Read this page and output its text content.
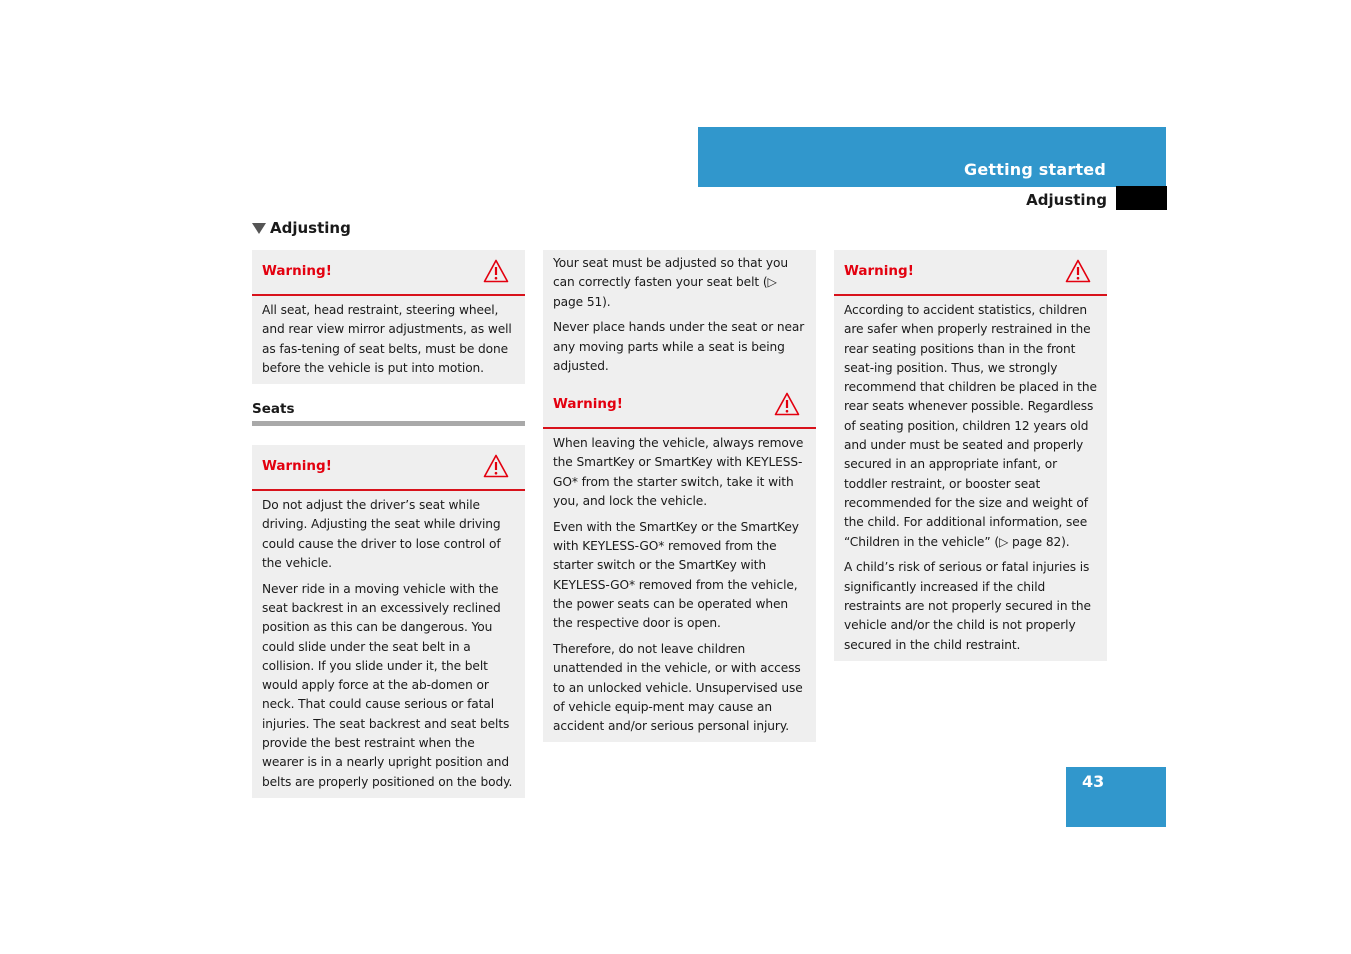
Getting started
Adjusting
Adjusting
Warning!

All seat, head restraint, steering wheel, and rear view mirror adjustments, as well as fas-tening of seat belts, must be done before the vehicle is put into motion.

Seats
Warning!

Do not adjust the driver’s seat while driving. Adjusting the seat while driving could cause the driver to lose control of the vehicle.

Never ride in a moving vehicle with the seat backrest in an excessively reclined position as this can be dangerous. You could slide under the seat belt in a collision. If you slide under it, the belt would apply force at the ab-domen or neck. That could cause serious or fatal injuries. The seat backrest and seat belts provide the best restraint when the wearer is in a nearly upright position and belts are properly positioned on the body.

Your seat must be adjusted so that you can correctly fasten your seat belt (▷ page 51).

Never place hands under the seat or near any moving parts while a seat is being adjusted.

Warning!

When leaving the vehicle, always remove the SmartKey or SmartKey with KEYLESS-GO* from the starter switch, take it with you, and lock the vehicle.

Even with the SmartKey or the SmartKey with KEYLESS-GO* removed from the starter switch or the SmartKey with KEYLESS-GO* removed from the vehicle, the power seats can be operated when the respective door is open.

Therefore, do not leave children unattended in the vehicle, or with access to an unlocked vehicle. Unsupervised use of vehicle equip-ment may cause an accident and/or serious personal injury.

Warning!

According to accident statistics, children are safer when properly restrained in the rear seating positions than in the front seat-ing position. Thus, we strongly recommend that children be placed in the rear seats whenever possible. Regardless of seating position, children 12 years old and under must be seated and properly secured in an appropriate infant, or toddler restraint, or booster seat recommended for the size and weight of the child. For additional information, see “Children in the vehicle” (▷ page 82).

A child’s risk of serious or fatal injuries is significantly increased if the child restraints are not properly secured in the vehicle and/or the child is not properly secured in the child restraint.

43
